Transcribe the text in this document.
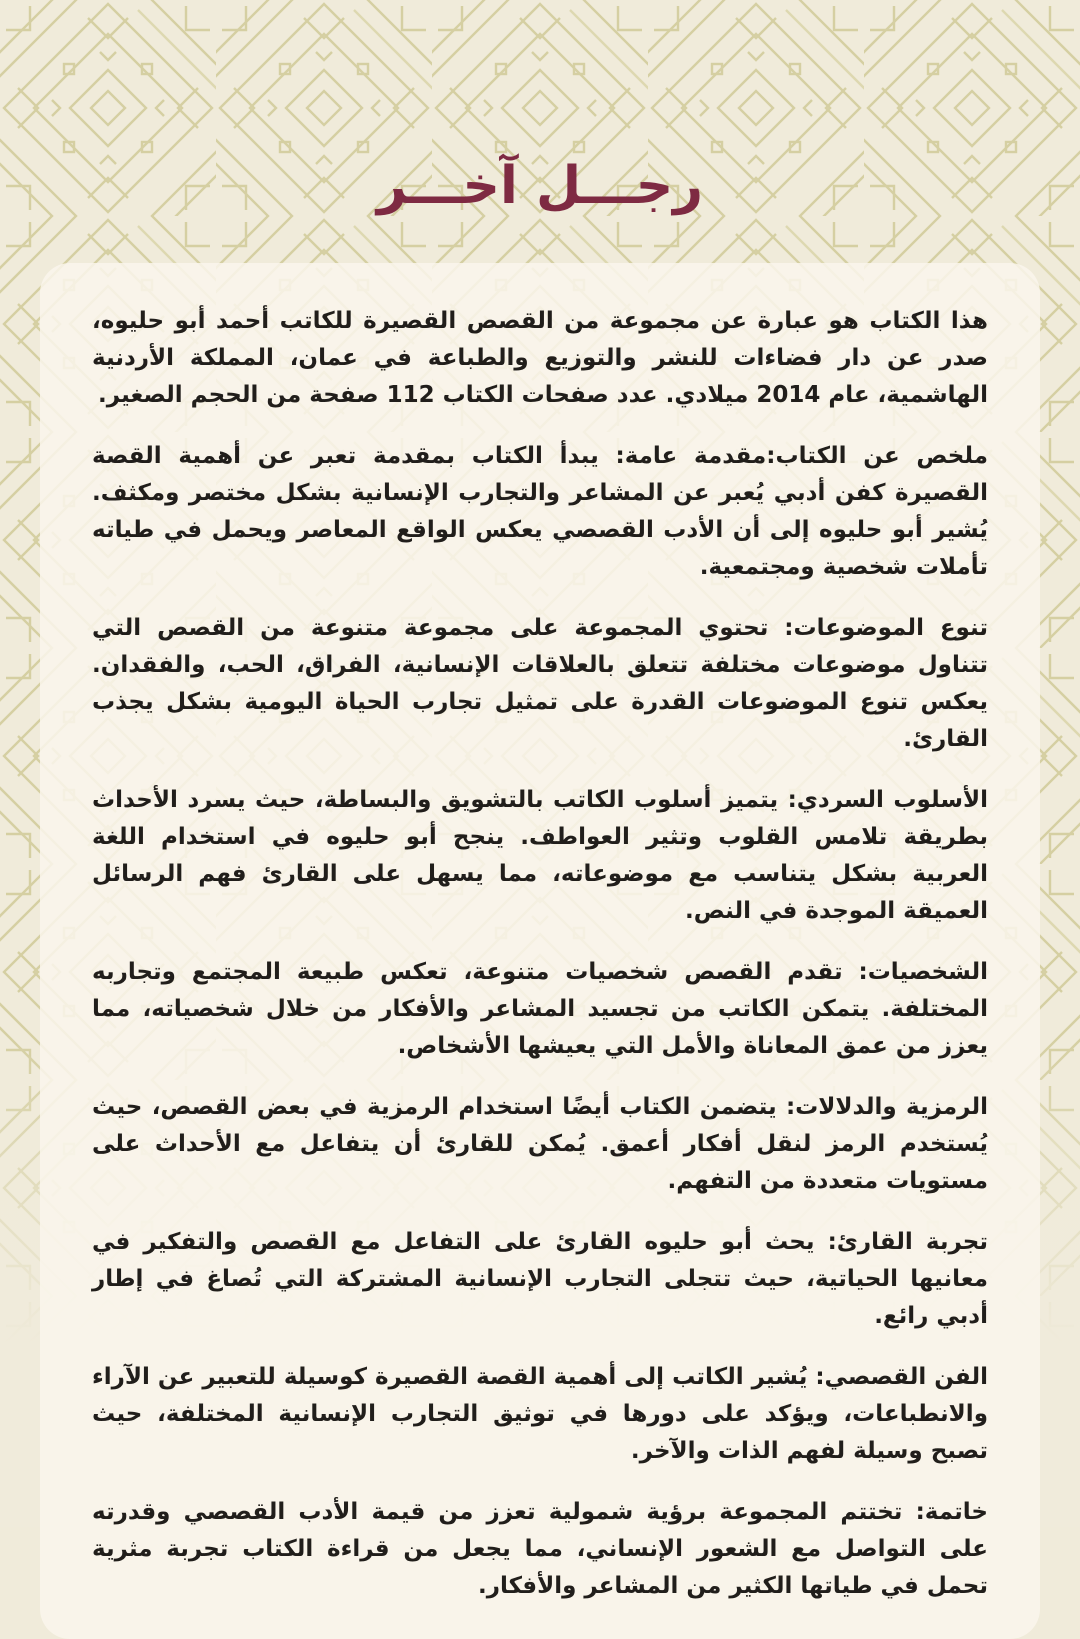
رجـــل آخـــر

هذا الكتاب هو عبارة عن مجموعة من القصص القصيرة للكاتب أحمد أبو حليوه، صدر عن دار فضاءات للنشر والتوزيع والطباعة في عمان، المملكة الأردنية الهاشمية، عام 2014 ميلادي. عدد صفحات الكتاب 112 صفحة من الحجم الصغير.

ملخص عن الكتاب:مقدمة عامة: يبدأ الكتاب بمقدمة تعبر عن أهمية القصة القصيرة كفن أدبي يُعبر عن المشاعر والتجارب الإنسانية بشكل مختصر ومكثف. يُشير أبو حليوه إلى أن الأدب القصصي يعكس الواقع المعاصر ويحمل في طياته تأملات شخصية ومجتمعية.

تنوع الموضوعات: تحتوي المجموعة على مجموعة متنوعة من القصص التي تتناول موضوعات مختلفة تتعلق بالعلاقات الإنسانية، الفراق، الحب، والفقدان. يعكس تنوع الموضوعات القدرة على تمثيل تجارب الحياة اليومية بشكل يجذب القارئ.

الأسلوب السردي: يتميز أسلوب الكاتب بالتشويق والبساطة، حيث يسرد الأحداث بطريقة تلامس القلوب وتثير العواطف. ينجح أبو حليوه في استخدام اللغة العربية بشكل يتناسب مع موضوعاته، مما يسهل على القارئ فهم الرسائل العميقة الموجدة في النص.

الشخصيات: تقدم القصص شخصيات متنوعة، تعكس طبيعة المجتمع وتجاربه المختلفة. يتمكن الكاتب من تجسيد المشاعر والأفكار من خلال شخصياته، مما يعزز من عمق المعاناة والأمل التي يعيشها الأشخاص.

الرمزية والدلالات: يتضمن الكتاب أيضًا استخدام الرمزية في بعض القصص، حيث يُستخدم الرمز لنقل أفكار أعمق. يُمكن للقارئ أن يتفاعل مع الأحداث على مستويات متعددة من التفهم.

تجربة القارئ: يحث أبو حليوه القارئ على التفاعل مع القصص والتفكير في معانيها الحياتية، حيث تتجلى التجارب الإنسانية المشتركة التي تُصاغ في إطار أدبي رائع.

الفن القصصي: يُشير الكاتب إلى أهمية القصة القصيرة كوسيلة للتعبير عن الآراء والانطباعات، ويؤكد على دورها في توثيق التجارب الإنسانية المختلفة، حيث تصبح وسيلة لفهم الذات والآخر.

خاتمة: تختتم المجموعة برؤية شمولية تعزز من قيمة الأدب القصصي وقدرته على التواصل مع الشعور الإنساني، مما يجعل من قراءة الكتاب تجربة مثرية تحمل في طياتها الكثير من المشاعر والأفكار.
